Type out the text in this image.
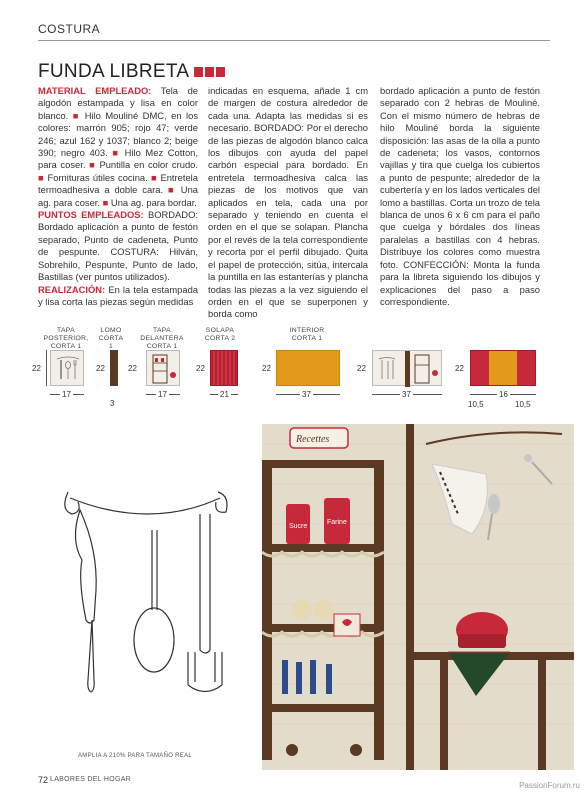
COSTURA
FUNDA LIBRETA

MATERIAL EMPLEADO: Tela de algodón estampada y lisa en color blanco. ■ Hilo Mouliné DMC, en los colores: marrón 905; rojo 47; verde 246; azul 162 y 1037; blanco 2; beige 390; negro 403. ■ Hilo Mez Cotton, para coser. ■ Puntilla en color crudo. ■ Fornituras útiles cocina. ■ Entretela termoadhesiva a doble cara. ■ Una ag. para coser. ■ Una ag. para bordar.

PUNTOS EMPLEADOS: BORDADO: Bordado aplicación a punto de festón separado, Punto de cadeneta, Punto de pespunte. COSTURA: Hilván, Sobrehilo, Pespunte, Punto de lado, Bastillas (ver puntos utilizados).

REALIZACIÓN: En la tela estampada y lisa corta las piezas según medidas

indicadas en esquema, añade 1 cm de margen de costura alrededor de cada una. Adapta las medidas si es necesario. BORDADO: Por el derecho de las piezas de algodón blanco calca los dibujos con ayuda del papel carbón especial para bordado. En entretela termoadhesiva calca las piezas de los motivos que van aplicados en tela, cada una por separado y teniendo en cuenta el orden en el que se solapan. Plancha por el revés de la tela correspondiente y recorta por el perfil dibujado. Quita el papel de protección, sitúa, intercala la puntilla en las estanterías y plancha todas las piezas a la vez siguiendo el orden en el que se superponen y borda como

bordado aplicación a punto de festón separado con 2 hebras de Mouliné. Con el mismo número de hebras de hilo Mouliné borda la siguiente disposición: las asas de la olla a punto de cadeneta; los vasos, contornos vajillas y tira que cuelga los cubiertos a punto de pespunte; alrededor de la cubertería y en los lados verticales del lomo a bastillas. Corta un trozo de tela blanca de unos 6 x 6 cm para el paño que cuelga y bórdales dos líneas paralelas a bastillas con 4 hebras. Distribuye los colores como muestra foto. CONFECCIÓN: Monta la funda para la libreta siguiendo los dibujos y explicaciones del paso a paso correspondiente.

TAPA POSTERIOR,
CORTA 1
22
17
LOMO
CORTA 1
22
3
TAPA DELANTERA
CORTA 1
22
17
SOLAPA
CORTA 2
22
21
INTERIOR
CORTA 1
22
37
22
37
22
16
10,5	10,5
AMPLIA A 210% PARA TAMAÑO REAL
Recettes
Sucre
Farine
72 LABORES DEL HOGAR
PassionForum.ru
